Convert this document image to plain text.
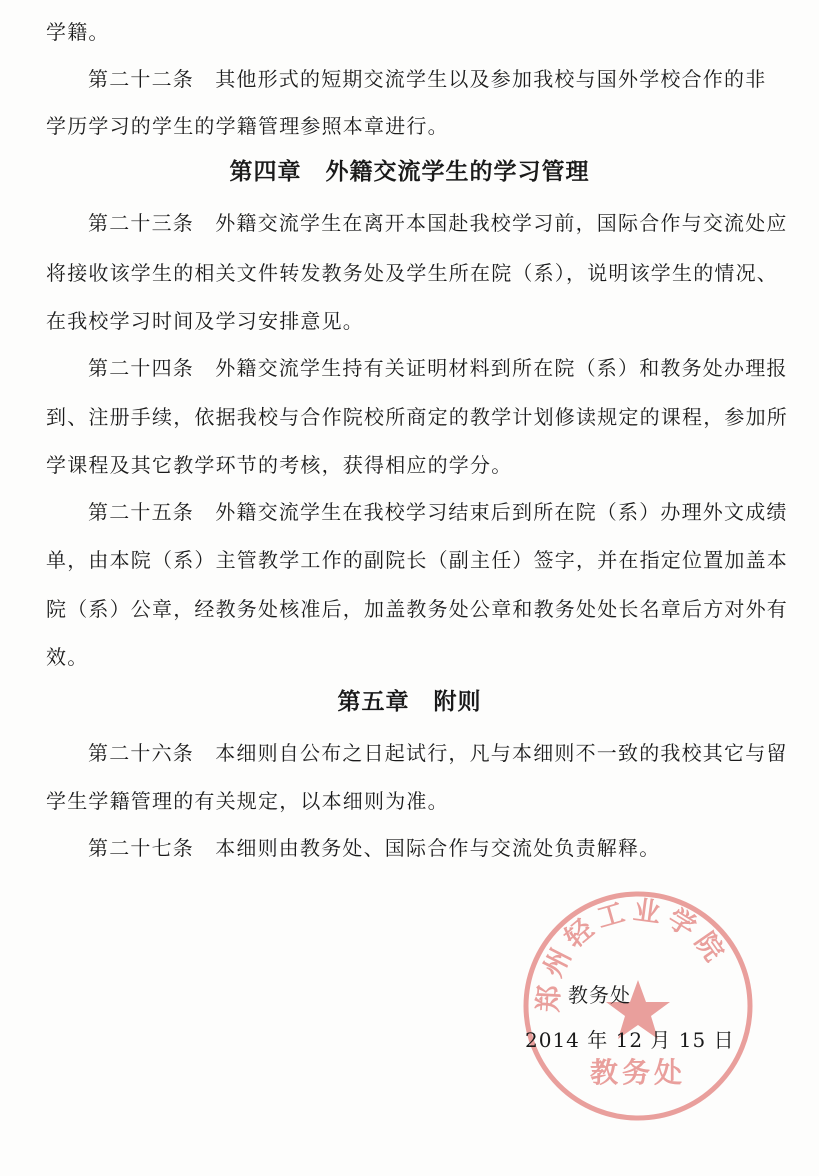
学籍。
第二十二条　其他形式的短期交流学生以及参加我校与国外学校合作的非
学历学习的学生的学籍管理参照本章进行。
第四章　外籍交流学生的学习管理
第二十三条　外籍交流学生在离开本国赴我校学习前，国际合作与交流处应
将接收该学生的相关文件转发教务处及学生所在院（系），说明该学生的情况、
在我校学习时间及学习安排意见。
第二十四条　外籍交流学生持有关证明材料到所在院（系）和教务处办理报
到、注册手续，依据我校与合作院校所商定的教学计划修读规定的课程，参加所
学课程及其它教学环节的考核，获得相应的学分。
第二十五条　外籍交流学生在我校学习结束后到所在院（系）办理外文成绩
单，由本院（系）主管教学工作的副院长（副主任）签字，并在指定位置加盖本
院（系）公章，经教务处核准后，加盖教务处公章和教务处处长名章后方对外有
效。
第五章　附则
第二十六条　本细则自公布之日起试行，凡与本细则不一致的我校其它与留
学生学籍管理的有关规定，以本细则为准。
第二十七条　本细则由教务处、国际合作与交流处负责解释。
郑州轻工业学院
教务处
教务处
2014 年 12 月 15 日
